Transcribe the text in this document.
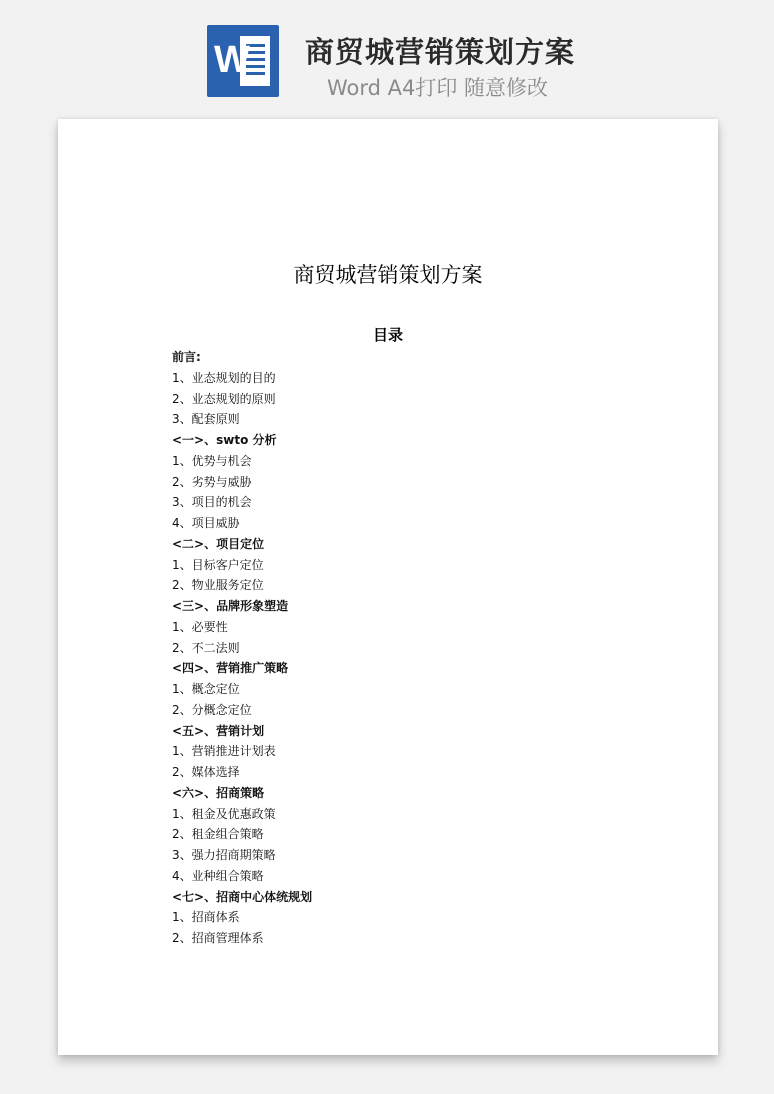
W 商贸城营销策划方案
Word A4打印 随意修改

商贸城营销策划方案
目录
前言:
1、业态规划的目的
2、业态规划的原则
3、配套原则
<一>、swto 分析
1、优势与机会
2、劣势与威胁
3、项目的机会
4、项目威胁
<二>、项目定位
1、目标客户定位
2、物业服务定位
<三>、品牌形象塑造
1、必要性
2、不二法则
<四>、营销推广策略
1、概念定位
2、分概念定位
<五>、营销计划
1、营销推进计划表
2、媒体选择
<六>、招商策略
1、租金及优惠政策
2、租金组合策略
3、强力招商期策略
4、业种组合策略
<七>、招商中心体统规划
1、招商体系
2、招商管理体系
